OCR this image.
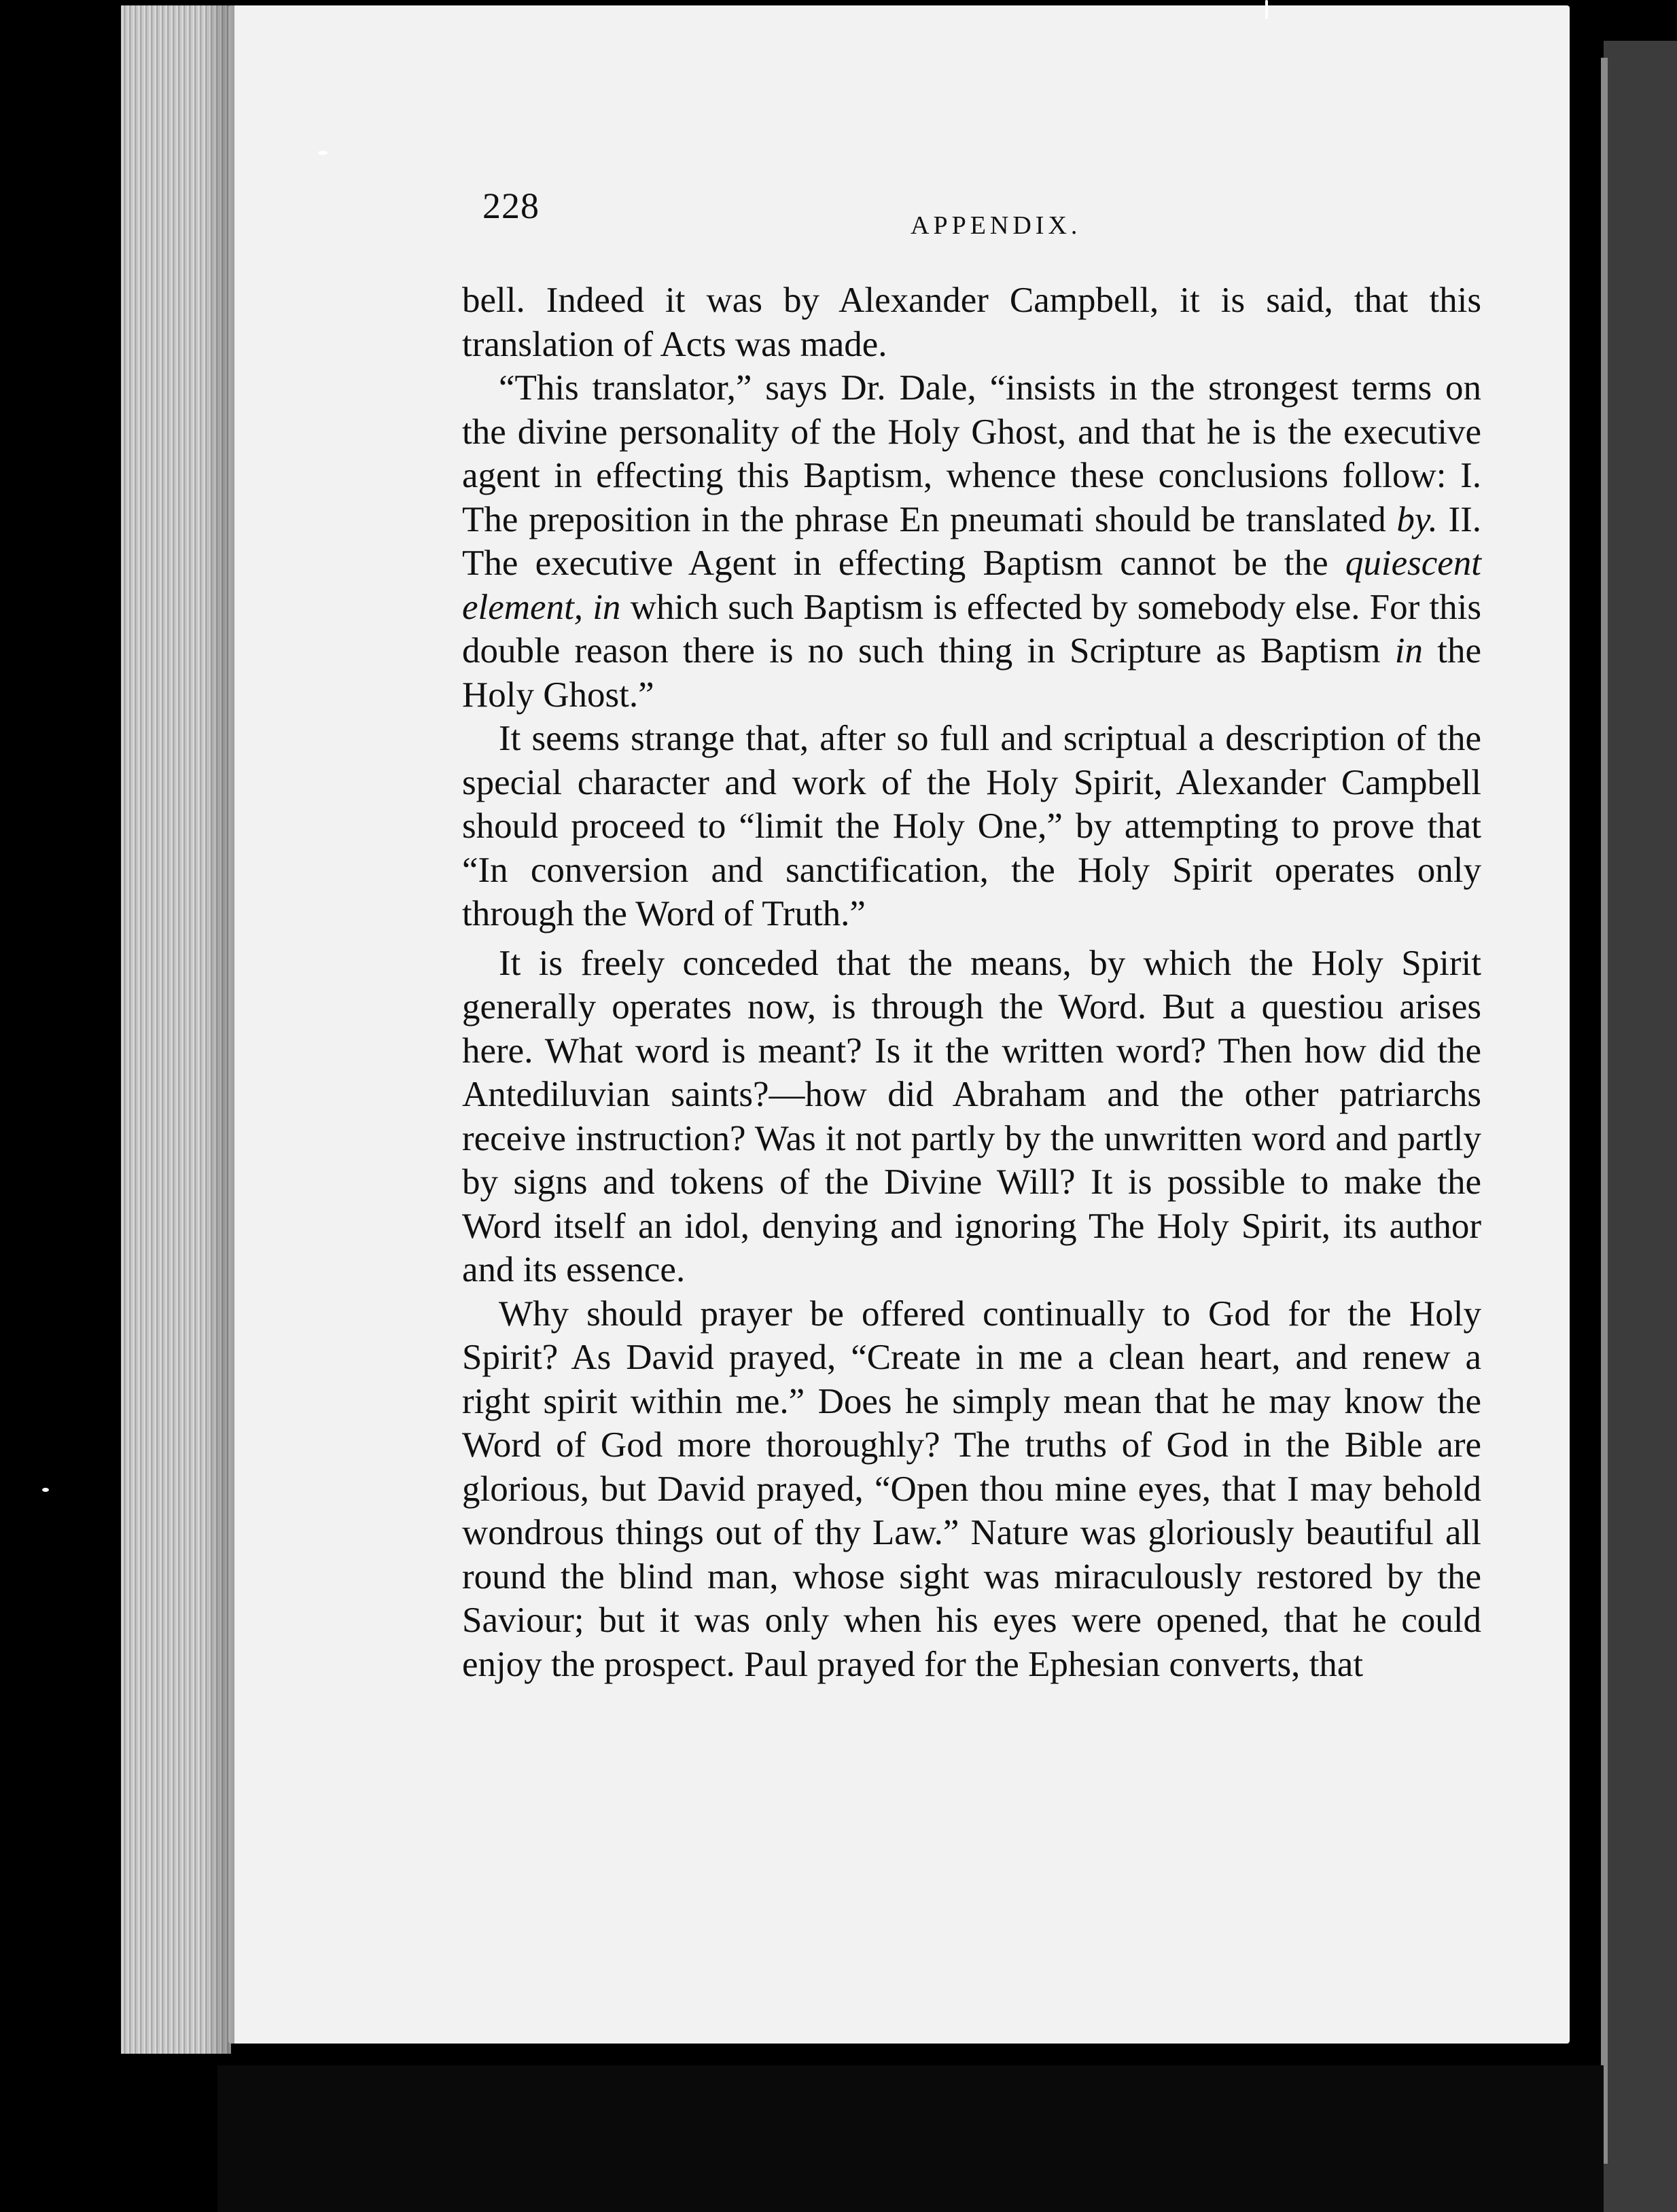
228	APPENDIX.

bell. Indeed it was by Alexander Campbell, it is said, that this translation of Acts was made.

“This translator,” says Dr. Dale, “insists in the strongest terms on the divine personality of the Holy Ghost, and that he is the executive agent in effecting this Baptism, whence these conclusions follow: I. The preposition in the phrase En pneumati should be translated by. II. The executive Agent in effecting Baptism cannot be the quiescent element, in which such Baptism is effected by somebody else. For this double reason there is no such thing in Scripture as Baptism in the Holy Ghost.”

It seems strange that, after so full and scriptual a description of the special character and work of the Holy Spirit, Alexander Campbell should proceed to “limit the Holy One,” by attempting to prove that “In conversion and sanctification, the Holy Spirit operates only through the Word of Truth.”

It is freely conceded that the means, by which the Holy Spirit generally operates now, is through the Word. But a questiou arises here. What word is meant? Is it the written word? Then how did the Antediluvian saints?—how did Abraham and the other patriarchs receive instruction? Was it not partly by the unwritten word and partly by signs and tokens of the Divine Will? It is possible to make the Word itself an idol, denying and ignoring The Holy Spirit, its author and its essence.

Why should prayer be offered continually to God for the Holy Spirit? As David prayed, “Create in me a clean heart, and renew a right spirit within me.” Does he simply mean that he may know the Word of God more thoroughly? The truths of God in the Bible are glorious, but David prayed, “Open thou mine eyes, that I may behold wondrous things out of thy Law.” Nature was gloriously beautiful all round the blind man, whose sight was miraculously restored by the Saviour; but it was only when his eyes were opened, that he could enjoy the prospect. Paul prayed for the Ephesian converts, that
